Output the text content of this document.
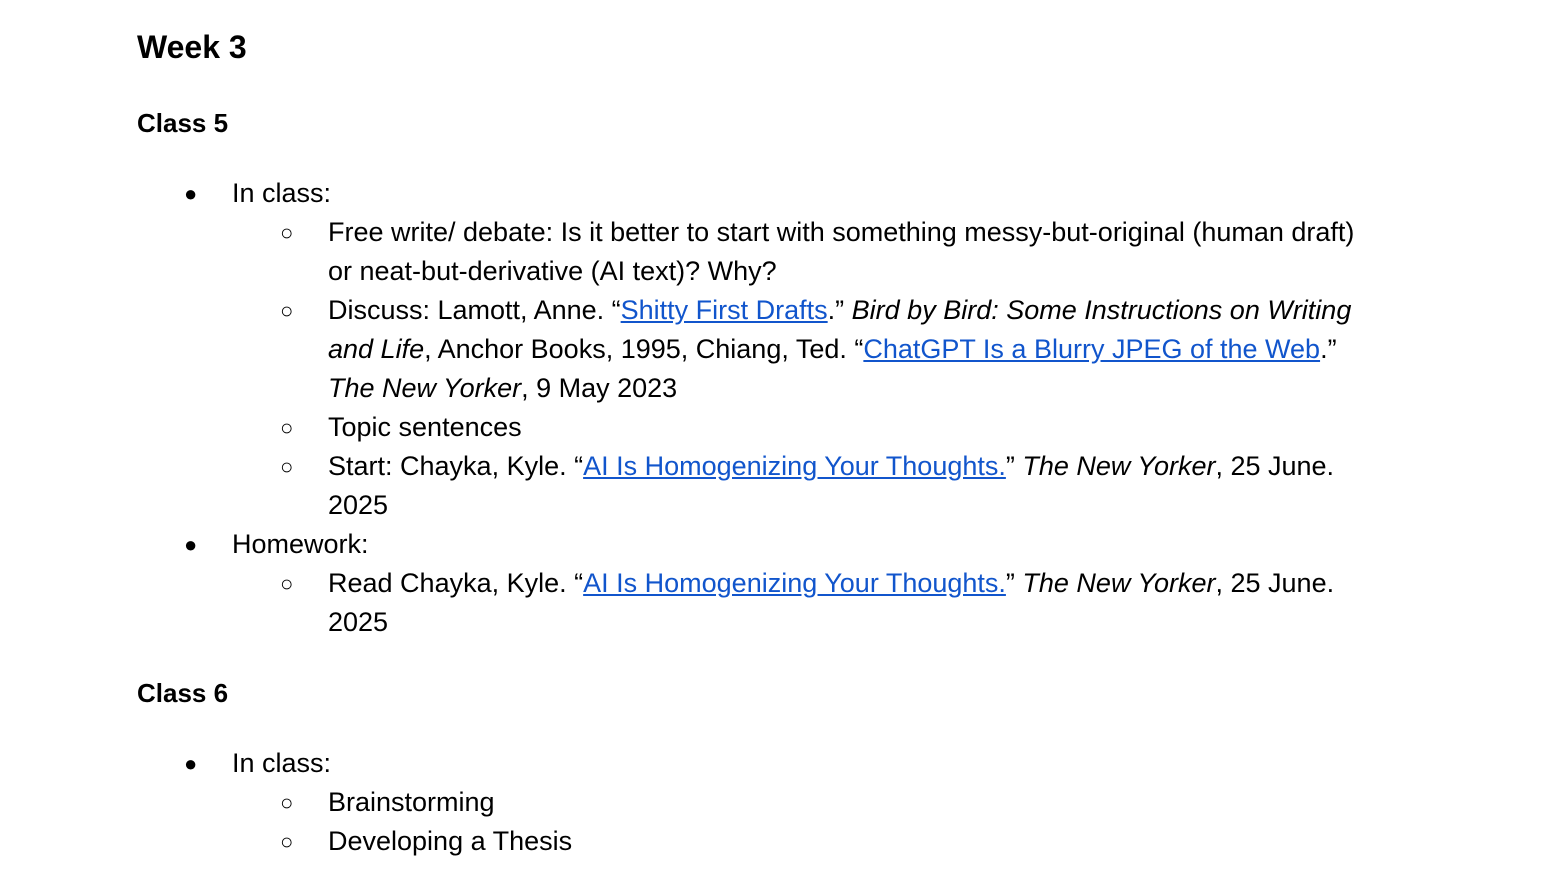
Week 3
Class 5
● In class:
○ Free write/ debate: Is it better to start with something messy-but-original (human draft) or neat-but-derivative (AI text)? Why?
○ Discuss: Lamott, Anne. “Shitty First Drafts.” Bird by Bird: Some Instructions on Writing and Life, Anchor Books, 1995, Chiang, Ted. “ChatGPT Is a Blurry JPEG of the Web.” The New Yorker, 9 May 2023
○ Topic sentences
○ Start: Chayka, Kyle. “AI Is Homogenizing Your Thoughts.” The New Yorker, 25 June. 2025
● Homework:
○ Read Chayka, Kyle. “AI Is Homogenizing Your Thoughts.” The New Yorker, 25 June. 2025
Class 6
● In class:
○ Brainstorming
○ Developing a Thesis
